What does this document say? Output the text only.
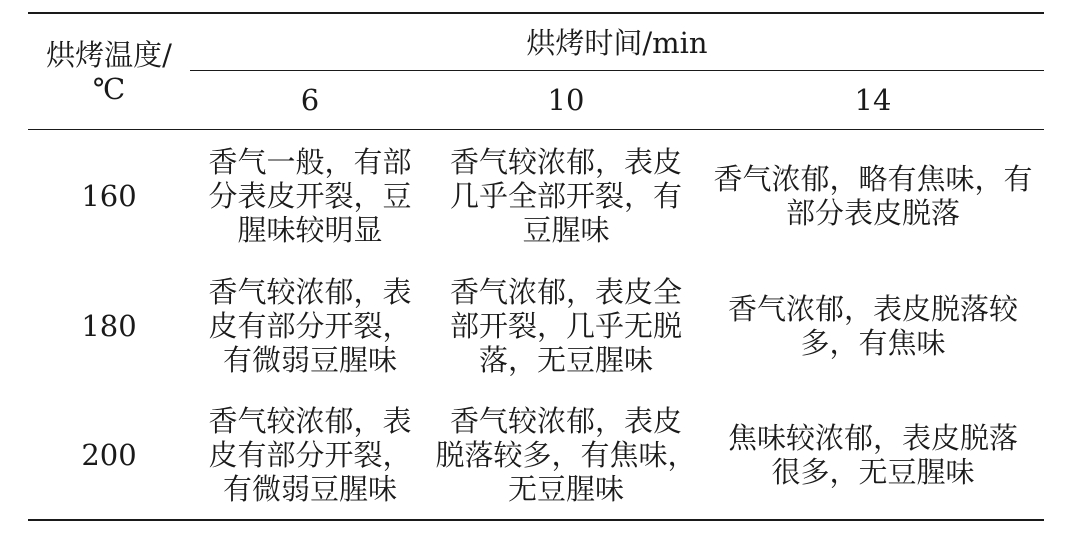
烘烤温度/
℃
烘烤时间/min
6	10	14
160
香气一般，有部
分表皮开裂，豆
腥味较明显
香气较浓郁，表皮
几乎全部开裂，有
豆腥味
香气浓郁，略有焦味，有
部分表皮脱落
180
香气较浓郁，表
皮有部分开裂，
有微弱豆腥味
香气浓郁，表皮全
部开裂，几乎无脱
落，无豆腥味
香气浓郁，表皮脱落较
多，有焦味
200
香气较浓郁，表
皮有部分开裂，
有微弱豆腥味
香气较浓郁，表皮
脱落较多，有焦味，
无豆腥味
焦味较浓郁，表皮脱落
很多，无豆腥味
